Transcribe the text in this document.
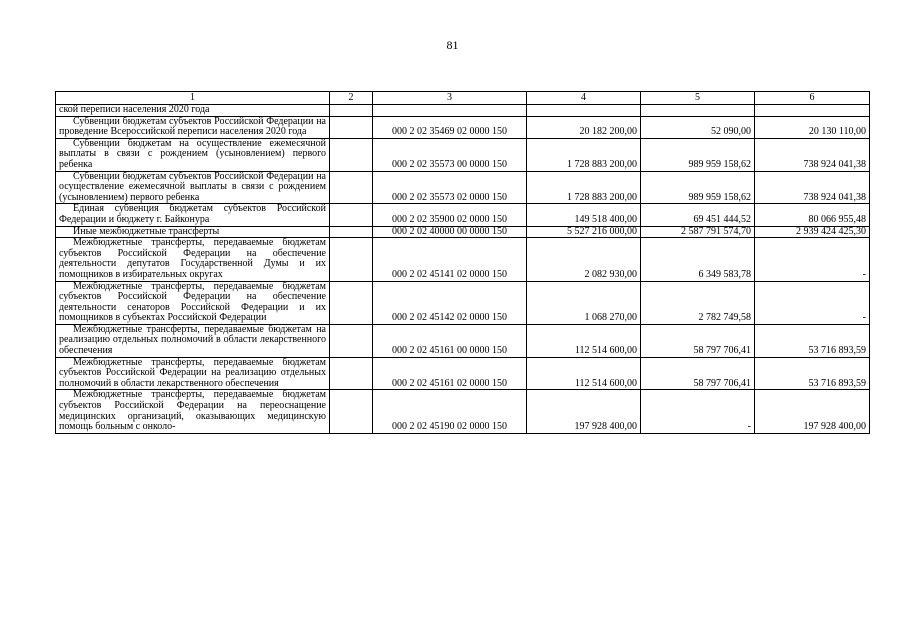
81
1	2	3	4	5	6

ской переписи населения 2020 года					

Субвенции бюджетам субъектов Российской Федерации на проведение Всероссийской переписи населения 2020 года		000 2 02 35469 02 0000 150	20 182 200,00	52 090,00	20 130 110,00

Субвенции бюджетам на осуществление ежемесячной выплаты в связи с рождением (усыновлением) первого ребенка		000 2 02 35573 00 0000 150	1 728 883 200,00	989 959 158,62	738 924 041,38

Субвенции бюджетам субъектов Российской Федерации на осуществление ежемесячной выплаты в связи с рождением (усыновлением) первого ребенка		000 2 02 35573 02 0000 150	1 728 883 200,00	989 959 158,62	738 924 041,38

Единая субвенция бюджетам субъектов Российской Федерации и бюджету г. Байконура		000 2 02 35900 02 0000 150	149 518 400,00	69 451 444,52	80 066 955,48

Иные межбюджетные трансферты		000 2 02 40000 00 0000 150	5 527 216 000,00	2 587 791 574,70	2 939 424 425,30

Межбюджетные трансферты, передаваемые бюджетам субъектов Российской Федерации на обеспечение деятельности депутатов Государственной Думы и их помощников в избирательных округах		000 2 02 45141 02 0000 150	2 082 930,00	6 349 583,78	-

Межбюджетные трансферты, передаваемые бюджетам субъектов Российской Федерации на обеспечение деятельности сенаторов Российской Федерации и их помощников в субъектах Российской Федерации		000 2 02 45142 02 0000 150	1 068 270,00	2 782 749,58	-

Межбюджетные трансферты, передаваемые бюджетам на реализацию отдельных полномочий в области лекарственного обеспечения		000 2 02 45161 00 0000 150	112 514 600,00	58 797 706,41	53 716 893,59

Межбюджетные трансферты, передаваемые бюджетам субъектов Российской Федерации на реализацию отдельных полномочий в области лекарственного обеспечения		000 2 02 45161 02 0000 150	112 514 600,00	58 797 706,41	53 716 893,59

Межбюджетные трансферты, передаваемые бюджетам субъектов Российской Федерации на переоснащение медицинских организаций, оказывающих медицинскую помощь больным с онколо-		000 2 02 45190 02 0000 150	197 928 400,00	-	197 928 400,00
